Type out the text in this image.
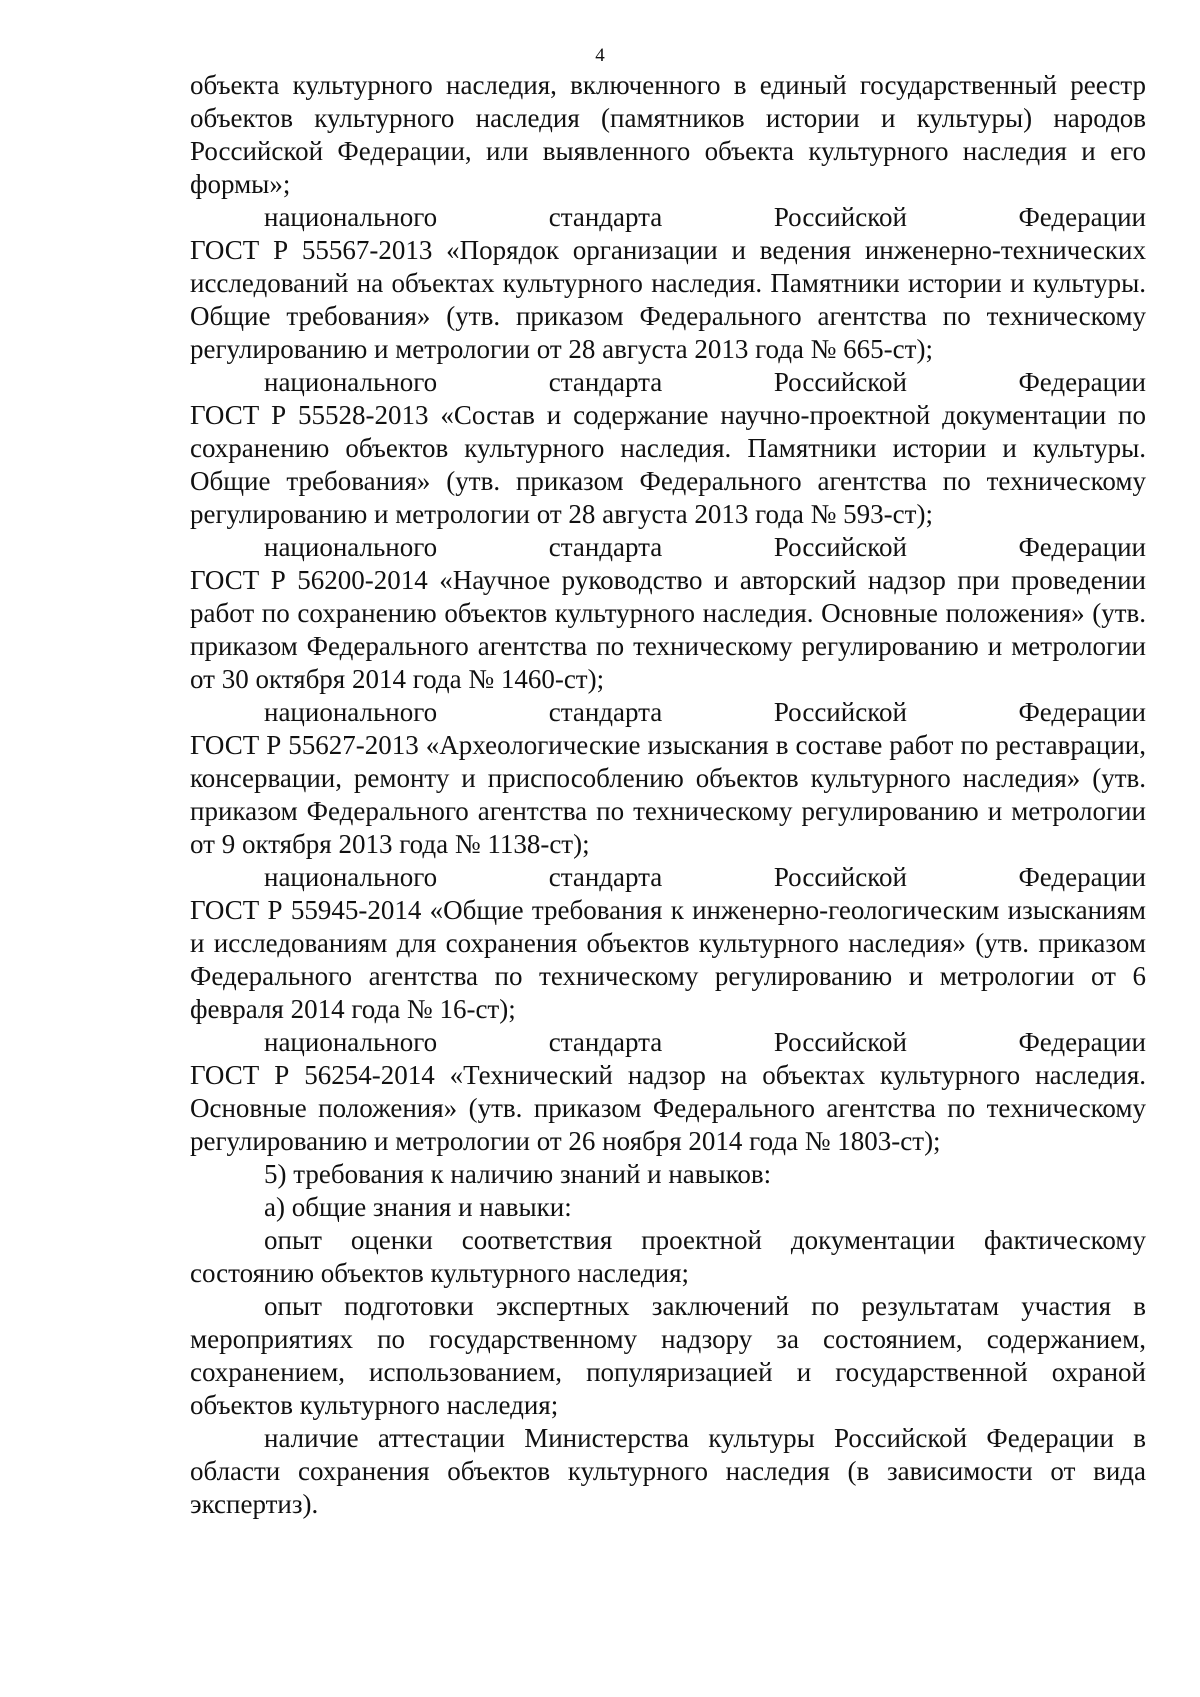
4

объекта культурного наследия, включенного в единый государственный реестр объектов культурного наследия (памятников истории и культуры) народов Российской Федерации, или выявленного объекта культурного наследия и его формы»;

национального	стандарта	Российской	Федерации

ГОСТ Р 55567-2013 «Порядок организации и ведения инженерно-технических исследований на объектах культурного наследия. Памятники истории и культуры. Общие требования» (утв. приказом Федерального агентства по техническому регулированию и метрологии от 28 августа 2013 года № 665-ст);

национального	стандарта	Российской	Федерации

ГОСТ Р 55528-2013 «Состав и содержание научно-проектной документации по сохранению объектов культурного наследия. Памятники истории и культуры. Общие требования» (утв. приказом Федерального агентства по техническому регулированию и метрологии от 28 августа 2013 года № 593-ст);

национального	стандарта	Российской	Федерации

ГОСТ Р 56200-2014 «Научное руководство и авторский надзор при проведении работ по сохранению объектов культурного наследия. Основные положения» (утв. приказом Федерального агентства по техническому регулированию и метрологии от 30 октября 2014 года № 1460-ст);

национального	стандарта	Российской	Федерации

ГОСТ Р 55627-2013 «Археологические изыскания в составе работ по реставрации, консервации, ремонту и приспособлению объектов культурного наследия» (утв. приказом Федерального агентства по техническому регулированию и метрологии от 9 октября 2013 года № 1138-ст);

национального	стандарта	Российской	Федерации

ГОСТ Р 55945-2014 «Общие требования к инженерно-геологическим изысканиям и исследованиям для сохранения объектов культурного наследия» (утв. приказом Федерального агентства по техническому регулированию и метрологии от 6 февраля 2014 года № 16-ст);

национального	стандарта	Российской	Федерации

ГОСТ Р 56254-2014 «Технический надзор на объектах культурного наследия. Основные положения» (утв. приказом Федерального агентства по техническому регулированию и метрологии от 26 ноября 2014 года № 1803-ст);

5) требования к наличию знаний и навыков:

а) общие знания и навыки:

опыт оценки соответствия проектной документации фактическому состоянию объектов культурного наследия;

опыт подготовки экспертных заключений по результатам участия в мероприятиях по государственному надзору за состоянием, содержанием, сохранением, использованием, популяризацией и государственной охраной объектов культурного наследия;

наличие аттестации Министерства культуры Российской Федерации в области сохранения объектов культурного наследия (в зависимости от вида экспертиз).
